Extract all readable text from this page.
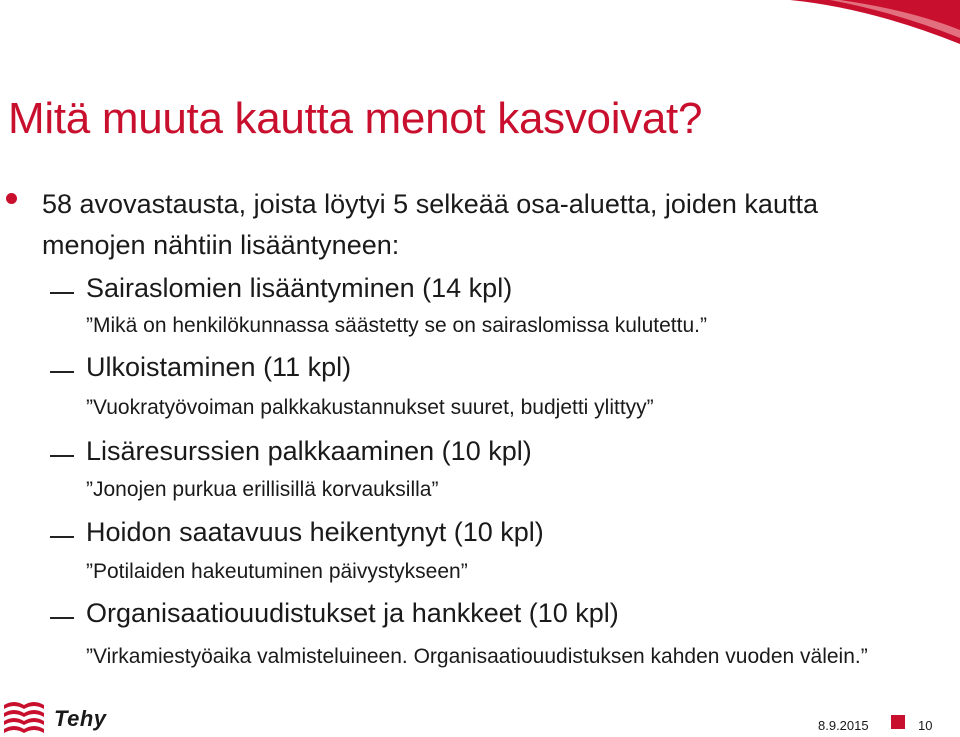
Mitä muuta kautta menot kasvoivat?
58 avovastausta, joista löytyi 5 selkeää osa-aluetta, joiden kautta menojen nähtiin lisääntyneen:
Sairaslomien lisääntyminen (14 kpl)
”Mikä on henkilökunnassa säästetty se on sairaslomissa kulutettu.”
Ulkoistaminen (11 kpl)
”Vuokratyövoiman palkkakustannukset suuret, budjetti ylittyy”
Lisäresurssien palkkaaminen (10 kpl)
”Jonojen purkua erillisillä korvauksilla”
Hoidon saatavuus heikentynyt (10 kpl)
”Potilaiden hakeutuminen päivystykseen”
Organisaatiouudistukset ja hankkeet (10 kpl)
”Virkamiestyöaika valmisteluineen. Organisaatiouudistuksen kahden vuoden välein.”
Tehy	8.9.2015	10
